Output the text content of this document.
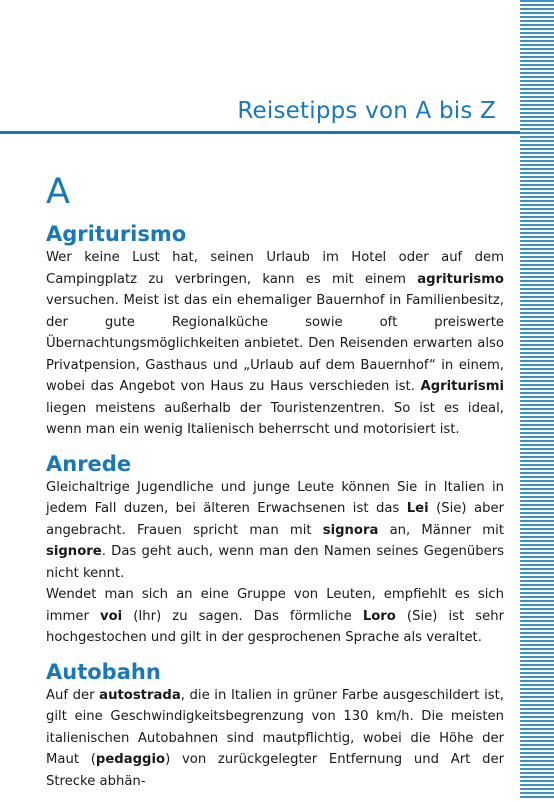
Reisetipps von A bis Z
A
Agriturismo

Wer keine Lust hat, seinen Urlaub im Hotel oder auf dem Campingplatz zu verbringen, kann es mit einem agriturismo versuchen. Meist ist das ein ehemaliger Bauernhof in Familienbesitz, der gute Regionalküche sowie oft preiswerte Übernachtungsmöglichkeiten anbietet. Den Reisenden erwarten also Privatpension, Gasthaus und „Urlaub auf dem Bauernhof“ in einem, wobei das Angebot von Haus zu Haus verschieden ist. Agriturismi liegen meistens außerhalb der Touristenzentren. So ist es ideal, wenn man ein wenig Italienisch beherrscht und motorisiert ist.

Anrede

Gleichaltrige Jugendliche und junge Leute können Sie in Italien in jedem Fall duzen, bei älteren Erwachsenen ist das Lei (Sie) aber angebracht. Frauen spricht man mit signora an, Männer mit signore. Das geht auch, wenn man den Namen seines Gegenübers nicht kennt.
Wendet man sich an eine Gruppe von Leuten, empfiehlt es sich immer voi (Ihr) zu sagen. Das förmliche Loro (Sie) ist sehr hochgestochen und gilt in der gesprochenen Sprache als veraltet.

Autobahn

Auf der autostrada, die in Italien in grüner Farbe ausgeschildert ist, gilt eine Geschwindigkeitsbegrenzung von 130 km/h. Die meisten italienischen Autobahnen sind mautpflichtig, wobei die Höhe der Maut (pedaggio) von zurückgelegter Entfernung und Art der Strecke abhän-
